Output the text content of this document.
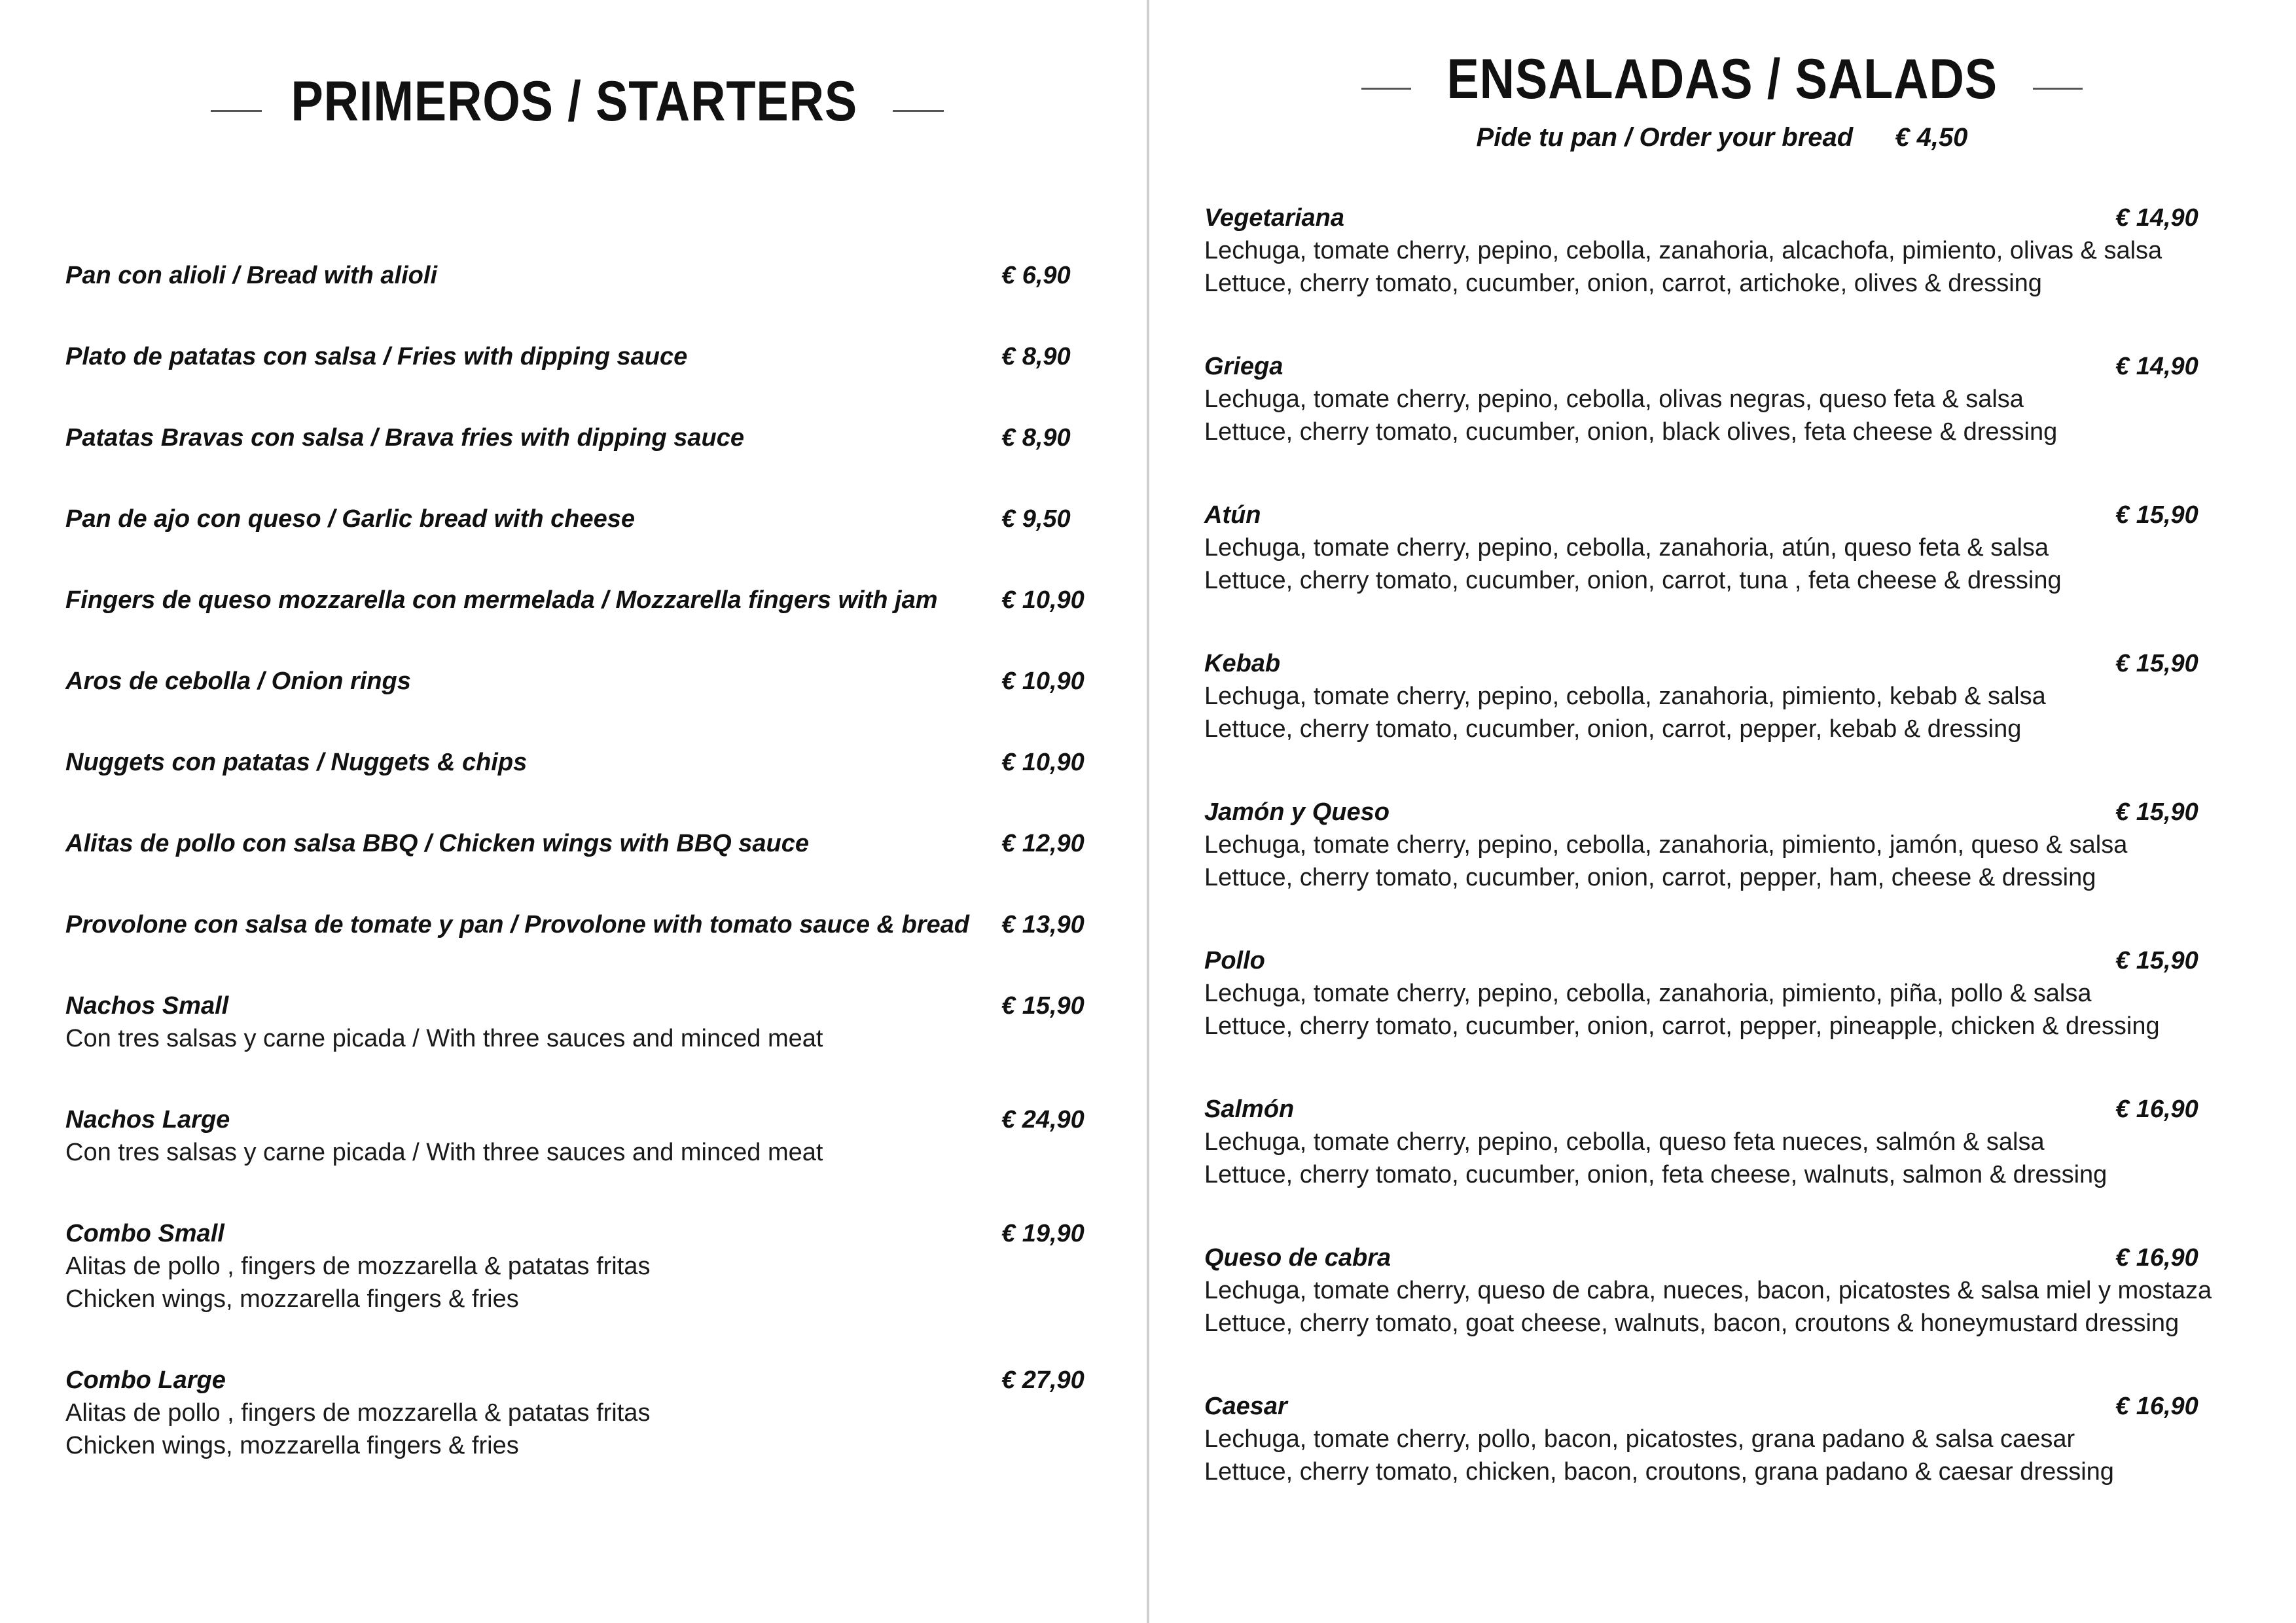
PRIMEROS / STARTERS
Pan con alioli / Bread with alioli	€ 6,90
Plato de patatas con salsa / Fries with dipping sauce	€ 8,90
Patatas Bravas con salsa / Brava fries with dipping sauce	€ 8,90
Pan de ajo con queso / Garlic bread with cheese	€ 9,50
Fingers de queso mozzarella con mermelada / Mozzarella fingers with jam	€ 10,90
Aros de cebolla / Onion rings	€ 10,90
Nuggets con patatas / Nuggets & chips	€ 10,90
Alitas de pollo con salsa BBQ / Chicken wings with BBQ sauce	€ 12,90
Provolone con salsa de tomate y pan / Provolone with tomato sauce & bread	€ 13,90
Nachos Small	€ 15,90
Con tres salsas y carne picada / With three sauces and minced meat
Nachos Large	€ 24,90
Con tres salsas y carne picada / With three sauces and minced meat
Combo Small	€ 19,90
Alitas de pollo , fingers de mozzarella & patatas fritas
Chicken wings, mozzarella fingers & fries
Combo Large	€ 27,90
Alitas de pollo , fingers de mozzarella & patatas fritas
Chicken wings, mozzarella fingers & fries
ENSALADAS / SALADS
Pide tu pan / Order your bread € 4,50
Vegetariana	€ 14,90
Lechuga, tomate cherry, pepino, cebolla, zanahoria, alcachofa, pimiento, olivas & salsa
Lettuce, cherry tomato, cucumber, onion, carrot, artichoke, olives & dressing
Griega	€ 14,90
Lechuga, tomate cherry, pepino, cebolla, olivas negras, queso feta & salsa
Lettuce, cherry tomato, cucumber, onion, black olives, feta cheese & dressing
Atún	€ 15,90
Lechuga, tomate cherry, pepino, cebolla, zanahoria, atún, queso feta & salsa
Lettuce, cherry tomato, cucumber, onion, carrot, tuna , feta cheese & dressing
Kebab	€ 15,90
Lechuga, tomate cherry, pepino, cebolla, zanahoria, pimiento, kebab & salsa
Lettuce, cherry tomato, cucumber, onion, carrot, pepper, kebab & dressing
Jamón y Queso	€ 15,90
Lechuga, tomate cherry, pepino, cebolla, zanahoria, pimiento, jamón, queso & salsa
Lettuce, cherry tomato, cucumber, onion, carrot, pepper, ham, cheese & dressing
Pollo	€ 15,90
Lechuga, tomate cherry, pepino, cebolla, zanahoria, pimiento, piña, pollo & salsa
Lettuce, cherry tomato, cucumber, onion, carrot, pepper, pineapple, chicken & dressing
Salmón	€ 16,90
Lechuga, tomate cherry, pepino, cebolla, queso feta nueces, salmón & salsa
Lettuce, cherry tomato, cucumber, onion, feta cheese, walnuts, salmon & dressing
Queso de cabra	€ 16,90
Lechuga, tomate cherry, queso de cabra, nueces, bacon, picatostes & salsa miel y mostaza
Lettuce, cherry tomato, goat cheese, walnuts, bacon, croutons & honeymustard dressing
Caesar	€ 16,90
Lechuga, tomate cherry, pollo, bacon, picatostes, grana padano & salsa caesar
Lettuce, cherry tomato, chicken, bacon, croutons, grana padano & caesar dressing
